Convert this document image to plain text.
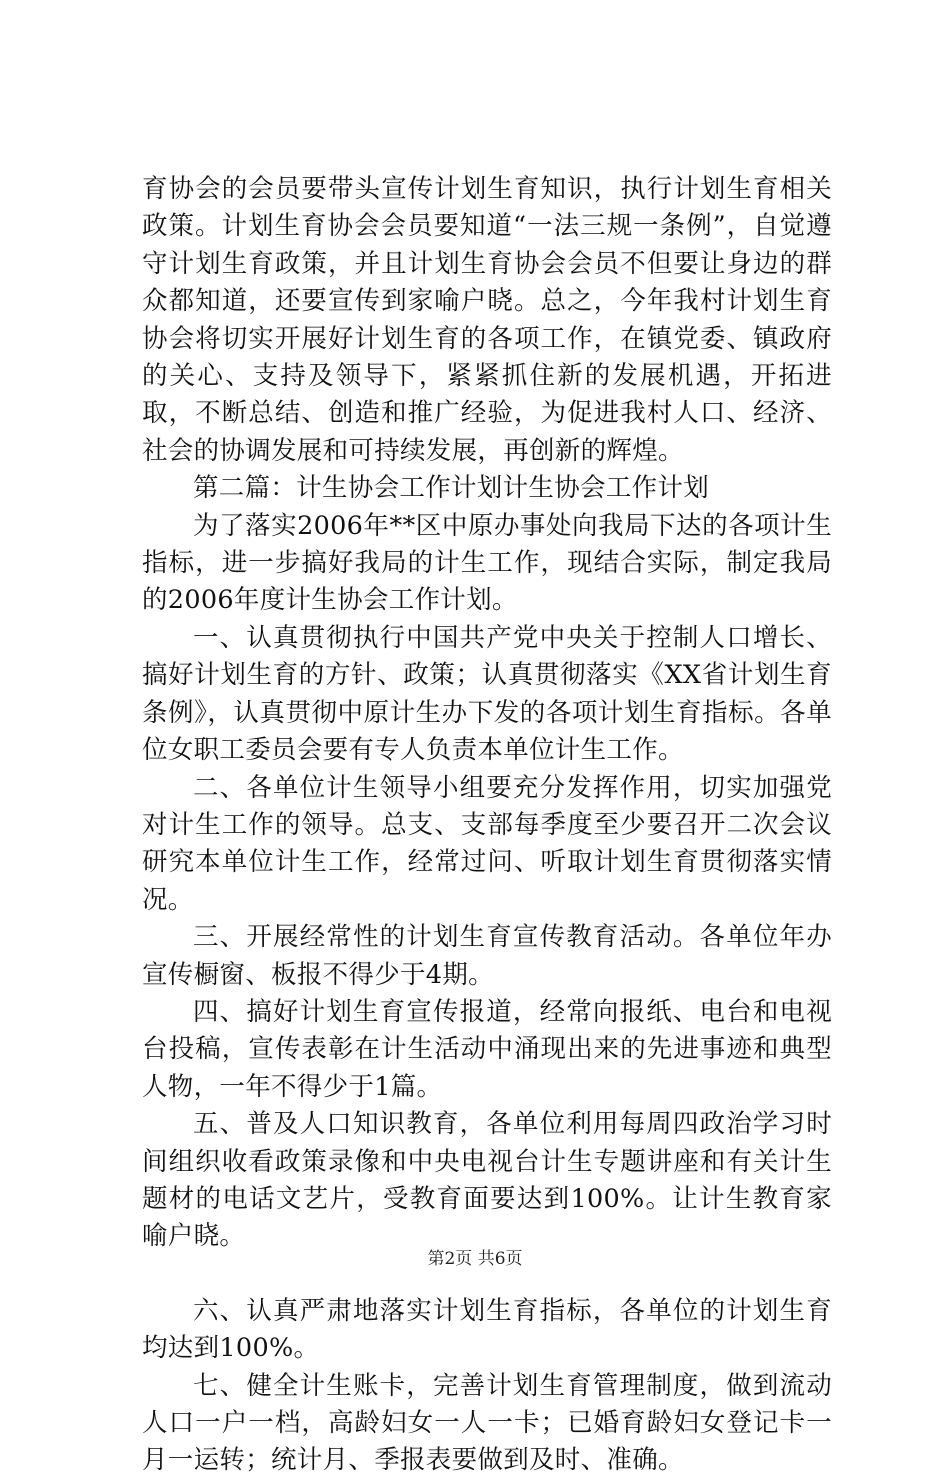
育协会的会员要带头宣传计划生育知识，执行计划生育相关政策。计划生育协会会员要知道“一法三规一条例”，自觉遵守计划生育政策，并且计划生育协会会员不但要让身边的群众都知道，还要宣传到家喻户晓。总之，今年我村计划生育协会将切实开展好计划生育的各项工作，在镇党委、镇政府的关心、支持及领导下，紧紧抓住新的发展机遇，开拓进取，不断总结、创造和推广经验，为促进我村人口、经济、社会的协调发展和可持续发展，再创新的辉煌。

第二篇：计生协会工作计划计生协会工作计划

为了落实2006年**区中原办事处向我局下达的各项计生指标，进一步搞好我局的计生工作，现结合实际，制定我局的2006年度计生协会工作计划。

一、认真贯彻执行中国共产党中央关于控制人口增长、搞好计划生育的方针、政策；认真贯彻落实《XX省计划生育条例》，认真贯彻中原计生办下发的各项计划生育指标。各单位女职工委员会要有专人负责本单位计生工作。

二、各单位计生领导小组要充分发挥作用，切实加强党对计生工作的领导。总支、支部每季度至少要召开二次会议研究本单位计生工作，经常过问、听取计划生育贯彻落实情况。

三、开展经常性的计划生育宣传教育活动。各单位年办宣传橱窗、板报不得少于4期。

四、搞好计划生育宣传报道，经常向报纸、电台和电视台投稿，宣传表彰在计生活动中涌现出来的先进事迹和典型人物，一年不得少于1篇。

五、普及人口知识教育，各单位利用每周四政治学习时间组织收看政策录像和中央电视台计生专题讲座和有关计生题材的电话文艺片，受教育面要达到100%。让计生教育家喻户晓。

六、认真严肃地落实计划生育指标，各单位的计划生育均达到100%。

七、健全计生账卡，完善计划生育管理制度，做到流动人口一户一档，高龄妇女一人一卡；已婚育龄妇女登记卡一月一运转；统计月、季报表要做到及时、准确。

第2页 共6页
